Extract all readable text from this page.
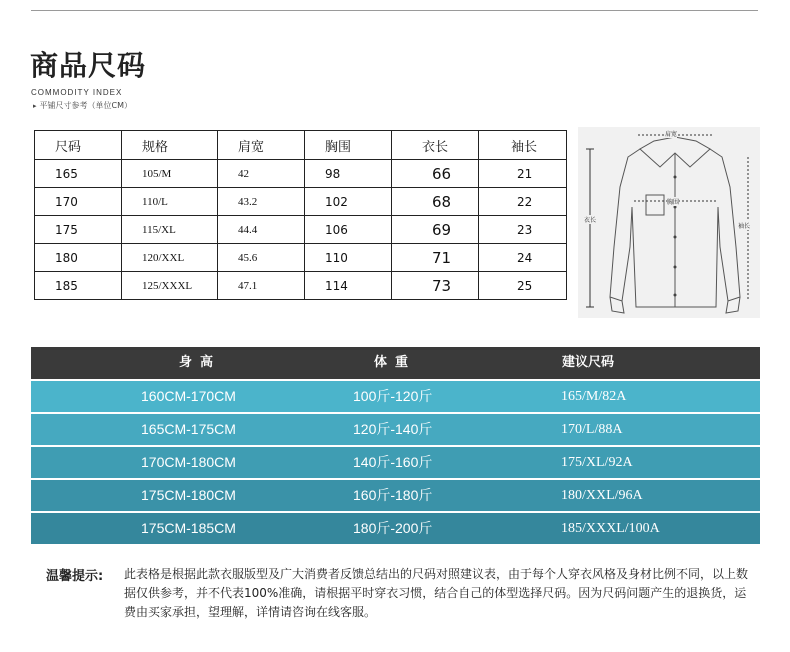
商品尺码
COMMODITY INDEX
▸ 平铺尺寸参考（单位CM）
尺码	规格	肩宽	胸围	衣长	袖长
165	105/M	42	98	66	21
170	110/L	43.2	102	68	22
175	115/XL	44.4	106	69	23
180	120/XXL	45.6	110	71	24
185	125/XXXL	47.1	114	73	25
肩宽
胸围
衣长
袖长
身高	体重	建议尺码
160CM-170CM	100斤-120斤	165/M/82A
165CM-175CM	120斤-140斤	170/L/88A
170CM-180CM	140斤-160斤	175/XL/92A
175CM-180CM	160斤-180斤	180/XXL/96A
175CM-185CM	180斤-200斤	185/XXXL/100A
温馨提示: 此表格是根据此款衣服版型及广大消费者反馈总结出的尺码对照建议表，由于每个人穿衣风格及身材比例不同，以上数据仅供参考，并不代表100%准确，请根据平时穿衣习惯，结合自己的体型选择尺码。因为尺码问题产生的退换货，运费由买家承担，望理解，详情请咨询在线客服。
